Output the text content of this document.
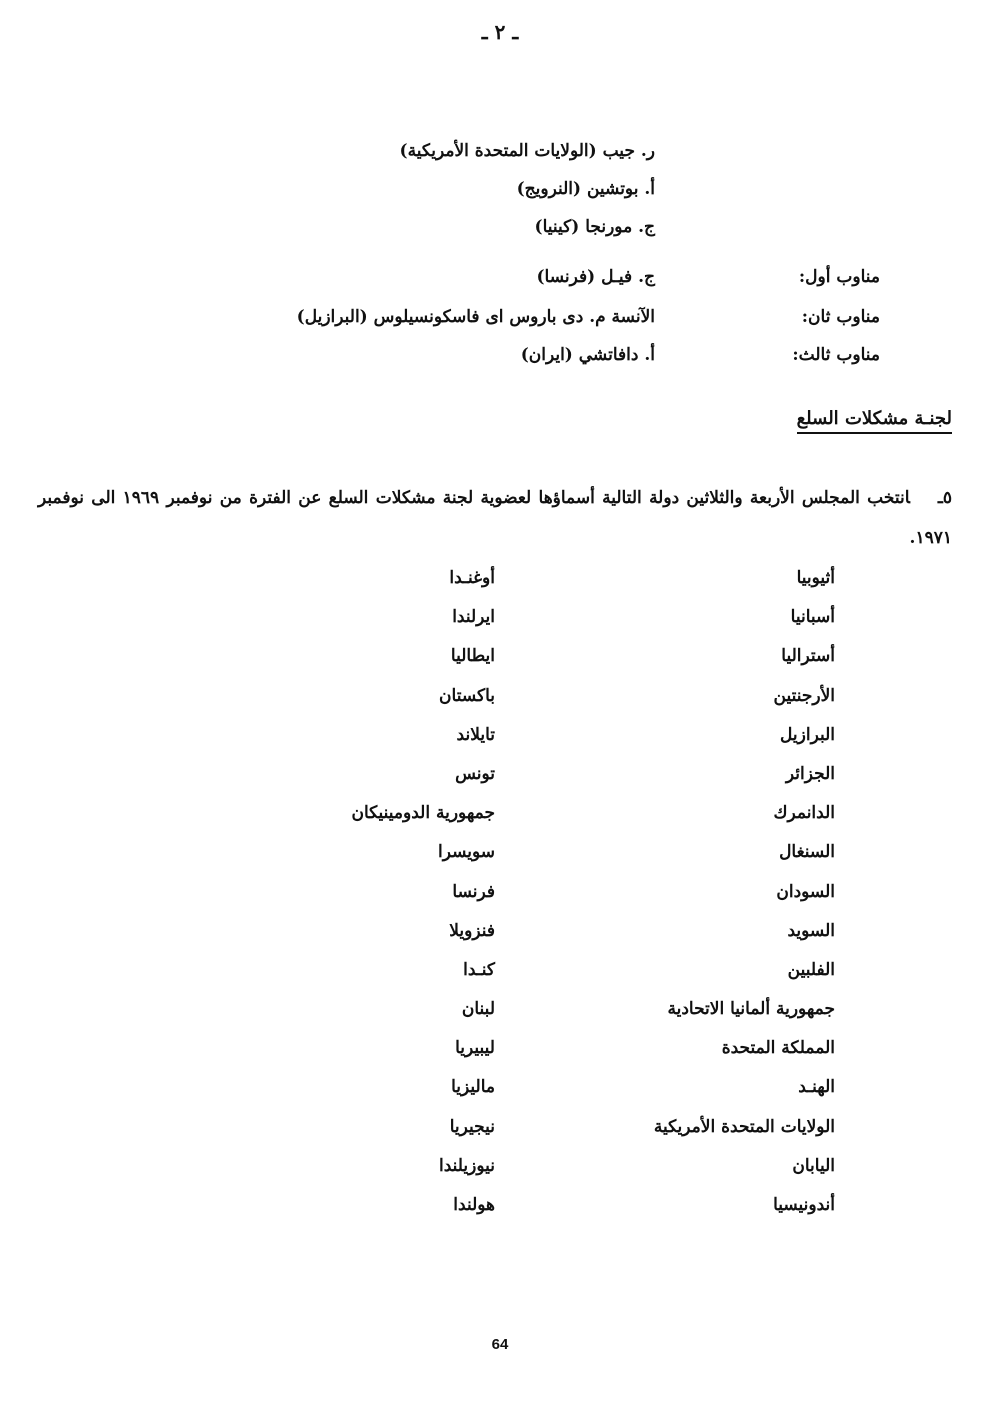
ـ ٢ ـ
ر. جيب (الولايات المتحدة الأمريكية)
أ. بوتشين (النرويج)
ج. مورنجا (كينيا)
مناوب أول:
ج. فيـل (فرنسا)
مناوب ثان:
الآنسة م. دى باروس اى فاسكونسيلوس (البرازيل)
مناوب ثالث:
أ. دافاتشي (ايران)
لجنـة مشكلات السلع
٥ـانتخب المجلس الأربعة والثلاثين دولة التالية أسماؤها لعضوية لجنة مشكلات السلع عن الفترة من نوفمبر ١٩٦٩ الى نوفمبر ١٩٧١.
أثيوبيا
أسبانيا
أستراليا
الأرجنتين
البرازيل
الجزائر
الدانمرك
السنغال
السودان
السويد
الفلبين
جمهورية ألمانيا الاتحادية
المملكة المتحدة
الهنـد
الولايات المتحدة الأمريكية
اليابان
أندونيسيا
أوغنـدا
ايرلندا
ايطاليا
باكستان
تايلاند
تونس
جمهورية الدومينيكان
سويسرا
فرنسا
فنزويلا
كنـدا
لبنان
ليبيريا
ماليزيا
نيجيريا
نيوزيلندا
هولندا
64
